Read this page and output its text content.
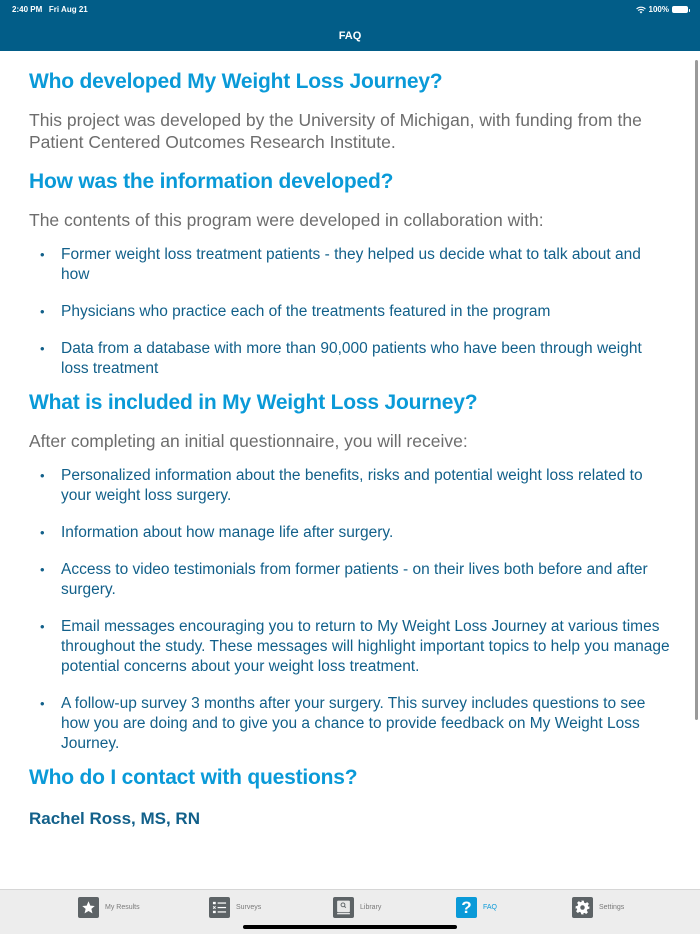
2:40 PM Fri Aug 21	100%
FAQ
Who developed My Weight Loss Journey?

This project was developed by the University of Michigan, with funding from the Patient Centered Outcomes Research Institute.

How was the information developed?

The contents of this program were developed in collaboration with:

• Former weight loss treatment patients - they helped us decide what to talk about and how
• Physicians who practice each of the treatments featured in the program
• Data from a database with more than 90,000 patients who have been through weight loss treatment
What is included in My Weight Loss Journey?

After completing an initial questionnaire, you will receive:

• Personalized information about the benefits, risks and potential weight loss related to your weight loss surgery.
• Information about how manage life after surgery.
• Access to video testimonials from former patients - on their lives both before and after surgery.
• Email messages encouraging you to return to My Weight Loss Journey at various times throughout the study. These messages will highlight important topics to help you manage potential concerns about your weight loss treatment.
• A follow-up survey 3 months after your surgery. This survey includes questions to see how you are doing and to give you a chance to provide feedback on My Weight Loss Journey.
Who do I contact with questions?
Rachel Ross, MS, RN
My Results	Surveys	Library	? FAQ	Settings
